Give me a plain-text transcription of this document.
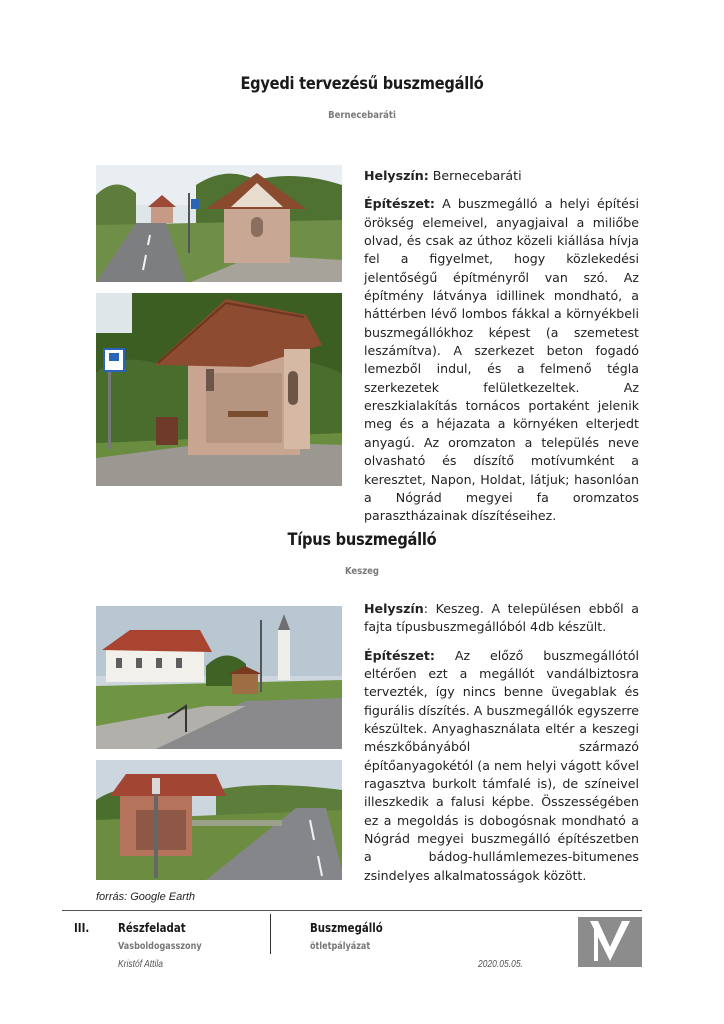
Egyedi tervezésű buszmegálló
Bernecebaráti

Helyszín: Bernecebaráti

Építészet: A buszmegálló a helyi építési örökség elemeivel, anyagjaival a miliőbe olvad, és csak az úthoz közeli kiállása hívja fel a figyelmet, hogy közlekedési jelentőségű építményről van szó. Az építmény látványa idillinek mondható, a háttérben lévő lombos fákkal a környékbeli buszmegállókhoz képest (a szemetest leszámítva). A szerkezet beton fogadó lemezből indul, és a felmenő tégla szerkezetek felületkezeltek. Az ereszkialakítás tornácos portaként jelenik meg és a héjazata a környéken elterjedt anyagú. Az oromzaton a település neve olvasható és díszítő motívumként a keresztet, Napon, Holdat, látjuk; hasonlóan a Nógrád megyei fa oromzatos parasztházainak díszítéseihez.

Típus buszmegálló
Keszeg

Helyszín: Keszeg. A településen ebből a fajta típusbuszmegállóból 4db készült.

Építészet: Az előző buszmegállótól eltérően ezt a megállót vandálbiztosra tervezték, így nincs benne üvegablak és figurális díszítés. A buszmegállók egyszerre készültek. Anyaghasználata eltér a keszegi mészkőbányából származó építőanyagokétól (a nem helyi vágott kővel ragasztva burkolt támfalé is), de színeivel illeszkedik a falusi képbe. Összességében ez a megoldás is dobogósnak mondható a Nógrád megyei buszmegálló építészetben a bádog-hullámlemezes-bitumenes zsindelyes alkalmatosságok között.

forrás: Google Earth
III. Részfeladat
Vasboldogasszony
Kristóf Attila
Buszmegálló
ötletpályázat
2020.05.05.
